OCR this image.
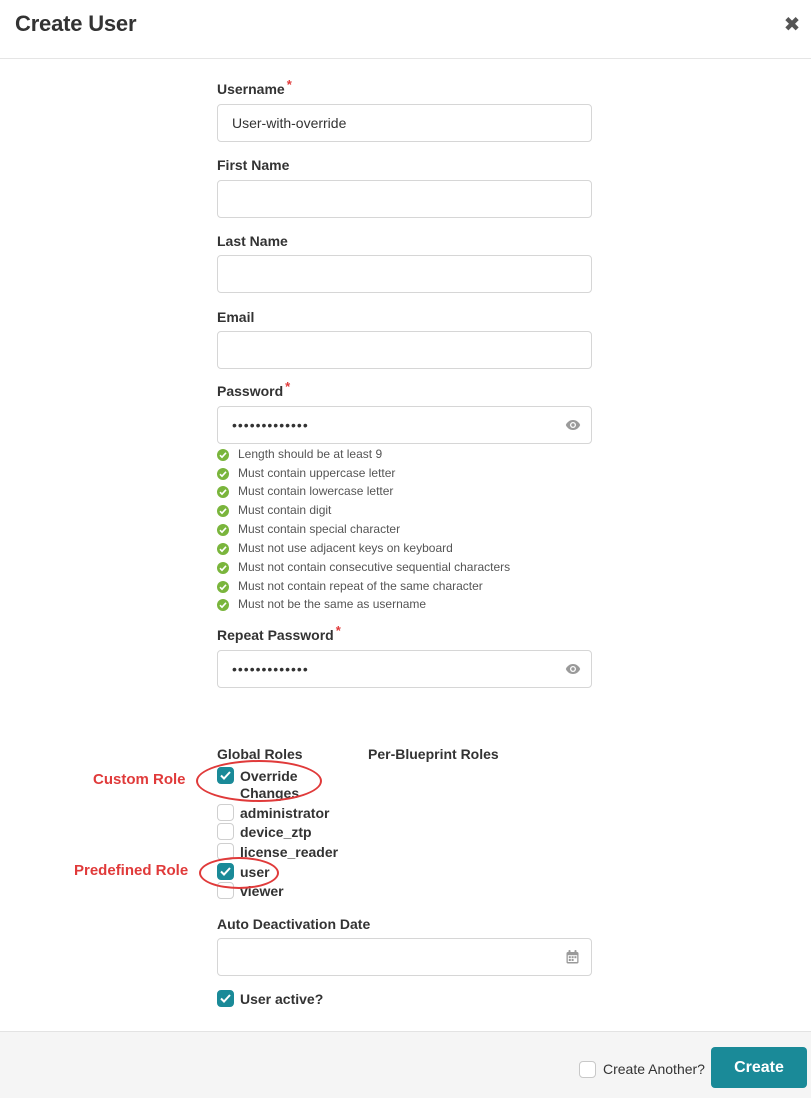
Create User	✖
Username *
User-with-override
First Name
Last Name
Email
Password *
•••••••••••••
Length should be at least 9
Must contain uppercase letter
Must contain lowercase letter
Must contain digit
Must contain special character
Must not use adjacent keys on keyboard
Must not contain consecutive sequential characters
Must not contain repeat of the same character
Must not be the same as username
Repeat Password *
•••••••••••••
Global Roles	Per-Blueprint Roles
Override
Changes
administrator
device_ztp
license_reader
user
viewer
Auto Deactivation Date
User active?
Custom Role
Predefined Role
Create Another?	Create
